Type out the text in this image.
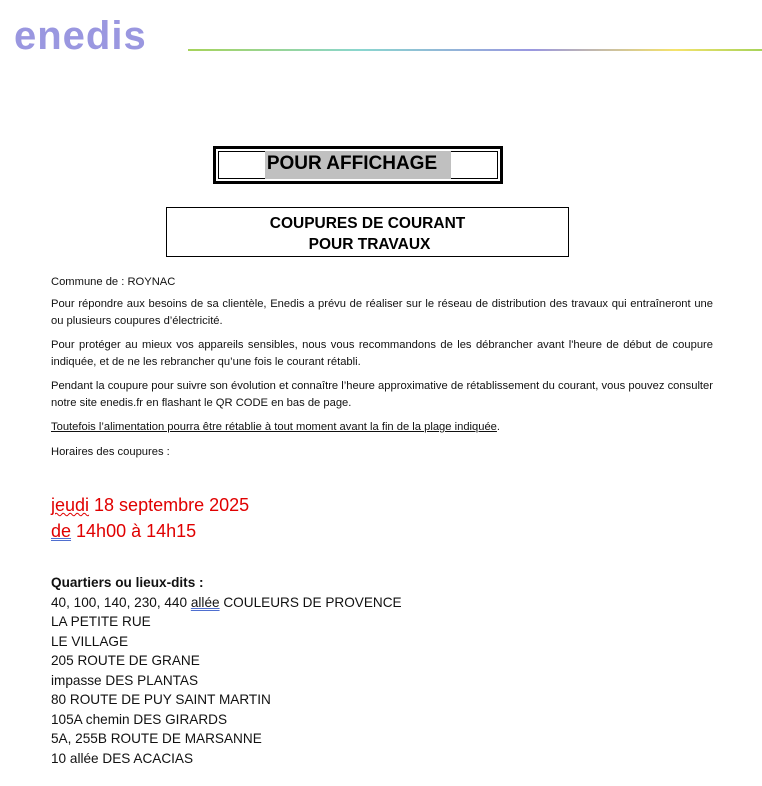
enedis
POUR AFFICHAGE
COUPURES DE COURANT
POUR TRAVAUX
Commune de : ROYNAC
Pour répondre aux besoins de sa clientèle, Enedis a prévu de réaliser sur le réseau de distribution des travaux qui entraîneront une ou plusieurs coupures d’électricité.
Pour protéger au mieux vos appareils sensibles, nous vous recommandons de les débrancher avant l'heure de début de coupure indiquée, et de ne les rebrancher qu’une fois le courant rétabli.
Pendant la coupure pour suivre son évolution et connaître l’heure approximative de rétablissement du courant, vous pouvez consulter notre site enedis.fr en flashant le QR CODE en bas de page.
Toutefois l’alimentation pourra être rétablie à tout moment avant la fin de la plage indiquée.
Horaires des coupures :
jeudi 18 septembre 2025
de 14h00 à 14h15
Quartiers ou lieux-dits :
40, 100, 140, 230, 440 allée COULEURS DE PROVENCE
LA PETITE RUE
LE VILLAGE
205 ROUTE DE GRANE
impasse DES PLANTAS
80 ROUTE DE PUY SAINT MARTIN
105A chemin DES GIRARDS
5A, 255B ROUTE DE MARSANNE
10 allée DES ACACIAS
